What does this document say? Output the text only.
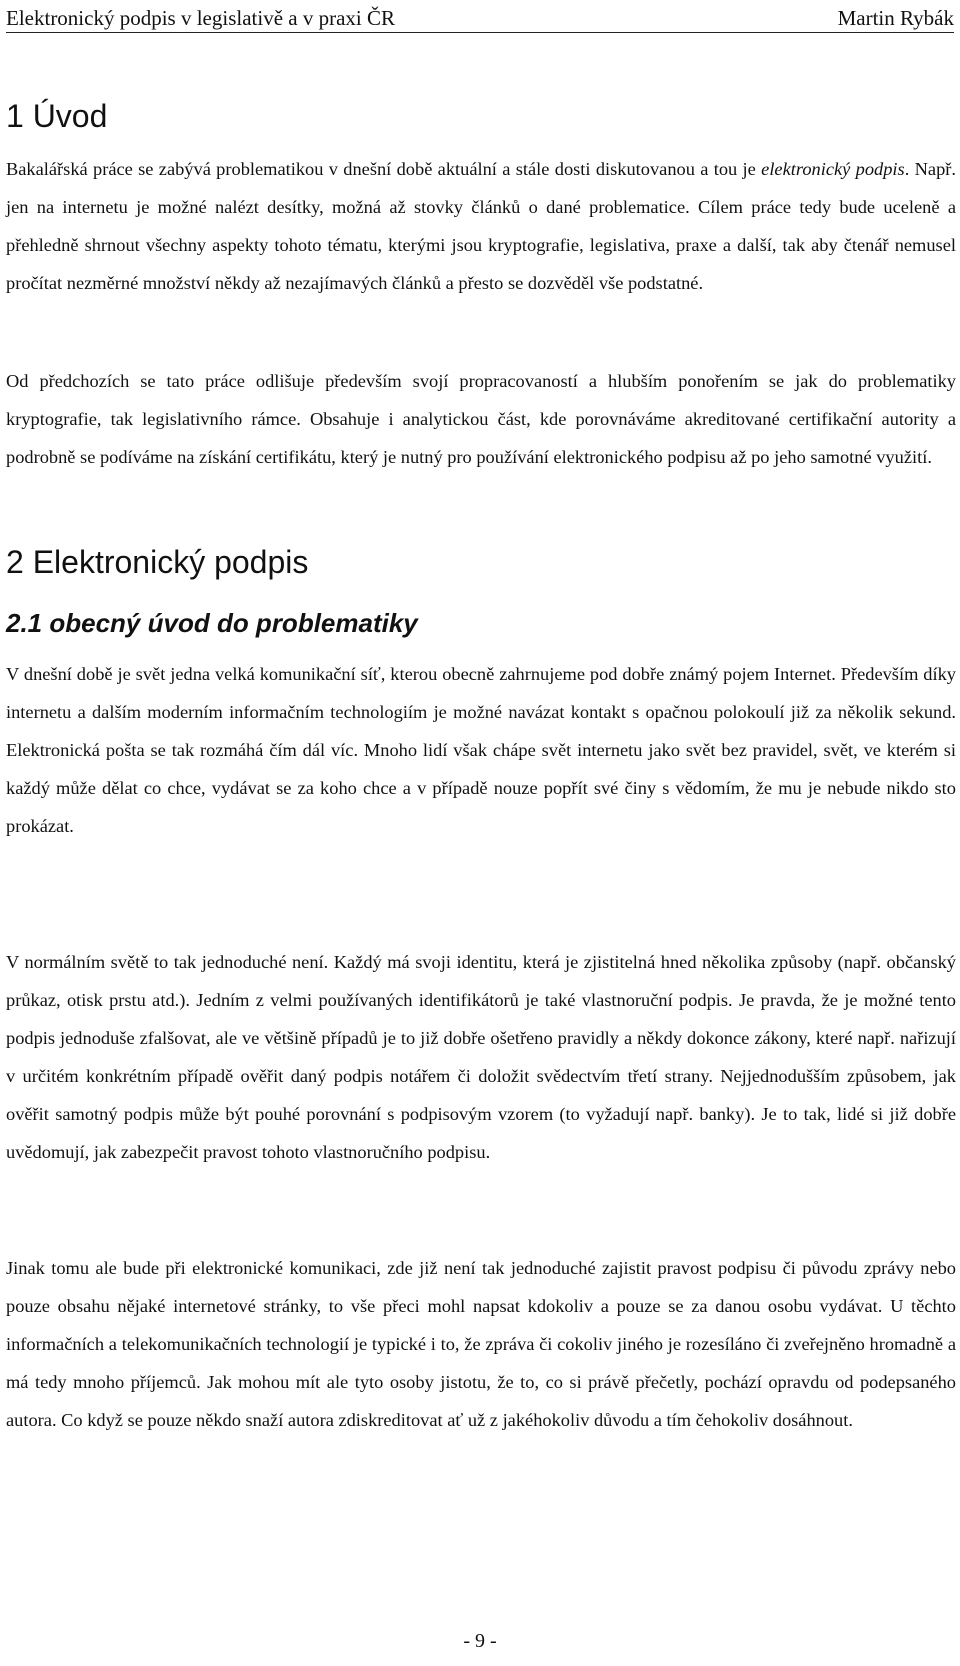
Elektronický podpis v legislativě a v praxi ČR	Martin Rybák
1 Úvod

Bakalářská práce se zabývá problematikou v dnešní době aktuální a stále dosti diskutovanou a tou je elektronický podpis. Např. jen na internetu je možné nalézt desítky, možná až stovky článků o dané problematice. Cílem práce tedy bude uceleně a přehledně shrnout všechny aspekty tohoto tématu, kterými jsou kryptografie, legislativa, praxe a další, tak aby čtenář nemusel pročítat nezměrné množství někdy až nezajímavých článků a přesto se dozvěděl vše podstatné.

Od předchozích se tato práce odlišuje především svojí propracovaností a hlubším ponořením se jak do problematiky kryptografie, tak legislativního rámce. Obsahuje i analytickou část, kde porovnáváme akreditované certifikační autority a podrobně se podíváme na získání certifikátu, který je nutný pro používání elektronického podpisu až po jeho samotné využití.

2 Elektronický podpis
2.1 obecný úvod do problematiky

V dnešní době je svět jedna velká komunikační síť, kterou obecně zahrnujeme pod dobře známý pojem Internet. Především díky internetu a dalším moderním informačním technologiím je možné navázat kontakt s opačnou polokoulí již za několik sekund. Elektronická pošta se tak rozmáhá čím dál víc. Mnoho lidí však chápe svět internetu jako svět bez pravidel, svět, ve kterém si každý může dělat co chce, vydávat se za koho chce a v případě nouze popřít své činy s vědomím, že mu je nebude nikdo sto prokázat.

V normálním světě to tak jednoduché není. Každý má svoji identitu, která je zjistitelná hned několika způsoby (např. občanský průkaz, otisk prstu atd.). Jedním z velmi používaných identifikátorů je také vlastnoruční podpis. Je pravda, že je možné tento podpis jednoduše zfalšovat, ale ve většině případů je to již dobře ošetřeno pravidly a někdy dokonce zákony, které např. nařizují v určitém konkrétním případě ověřit daný podpis notářem či doložit svědectvím třetí strany. Nejjednodušším způsobem, jak ověřit samotný podpis může být pouhé porovnání s podpisovým vzorem (to vyžadují např. banky). Je to tak, lidé si již dobře uvědomují, jak zabezpečit pravost tohoto vlastnoručního podpisu.

Jinak tomu ale bude při elektronické komunikaci, zde již není tak jednoduché zajistit pravost podpisu či původu zprávy nebo pouze obsahu nějaké internetové stránky, to vše přeci mohl napsat kdokoliv a pouze se za danou osobu vydávat. U těchto informačních a telekomunikačních technologií je typické i to, že zpráva či cokoliv jiného je rozesíláno či zveřejněno hromadně a má tedy mnoho příjemců. Jak mohou mít ale tyto osoby jistotu, že to, co si právě přečetly, pochází opravdu od podepsaného autora. Co když se pouze někdo snaží autora zdiskreditovat ať už z jakéhokoliv důvodu a tím čehokoliv dosáhnout.

- 9 -
